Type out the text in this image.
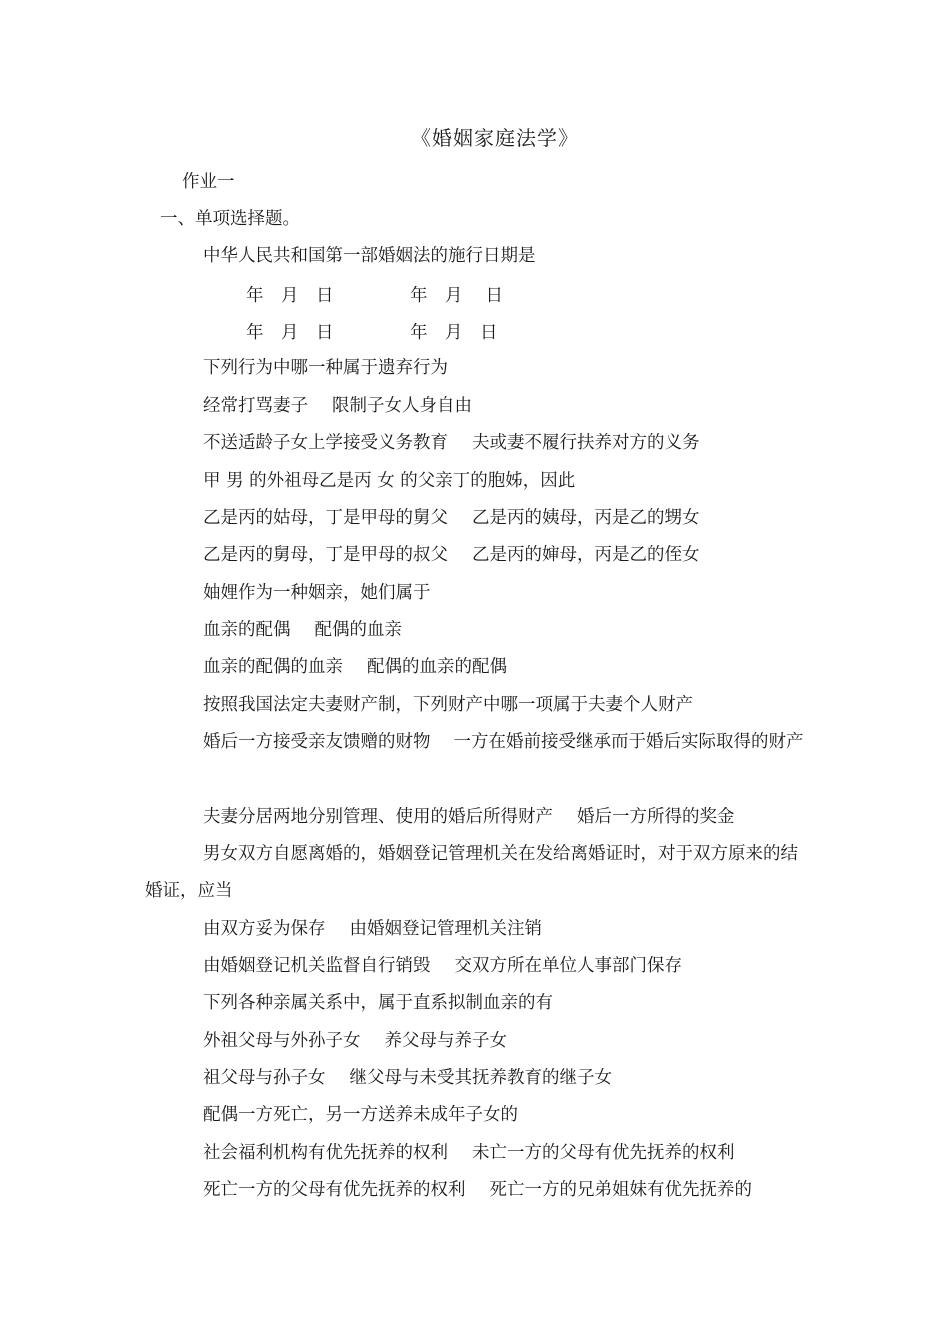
《婚姻家庭法学》
作业一
一、单项选择题。
中华人民共和国第一部婚姻法的施行日期是
年　月　日	年　月　 日
年　月　日	年　月　日
下列行为中哪一种属于遗弃行为
经常打骂妻子 限制子女人身自由
不送适龄子女上学接受义务教育 夫或妻不履行扶养对方的义务
甲 男 的外祖母乙是丙 女 的父亲丁的胞姊，因此
乙是丙的姑母，丁是甲母的舅父 乙是丙的姨母，丙是乙的甥女
乙是丙的舅母，丁是甲母的叔父 乙是丙的婶母，丙是乙的侄女
妯娌作为一种姻亲，她们属于
血亲的配偶 配偶的血亲
血亲的配偶的血亲 配偶的血亲的配偶
按照我国法定夫妻财产制，下列财产中哪一项属于夫妻个人财产
婚后一方接受亲友馈赠的财物 　一方在婚前接受继承而于婚后实际取得的财产
夫妻分居两地分别管理、使用的婚后所得财产 婚后一方所得的奖金
男女双方自愿离婚的，婚姻登记管理机关在发给离婚证时，对于双方原来的结婚证，应当
由双方妥为保存 由婚姻登记管理机关注销
由婚姻登记机关监督自行销毁 交双方所在单位人事部门保存
下列各种亲属关系中，属于直系拟制血亲的有
外祖父母与外孙子女 养父母与养子女
祖父母与孙子女 继父母与未受其抚养教育的继子女
配偶一方死亡，另一方送养未成年子女的
社会福利机构有优先抚养的权利 未亡一方的父母有优先抚养的权利
死亡一方的父母有优先抚养的权利 死亡一方的兄弟姐妹有优先抚养的
